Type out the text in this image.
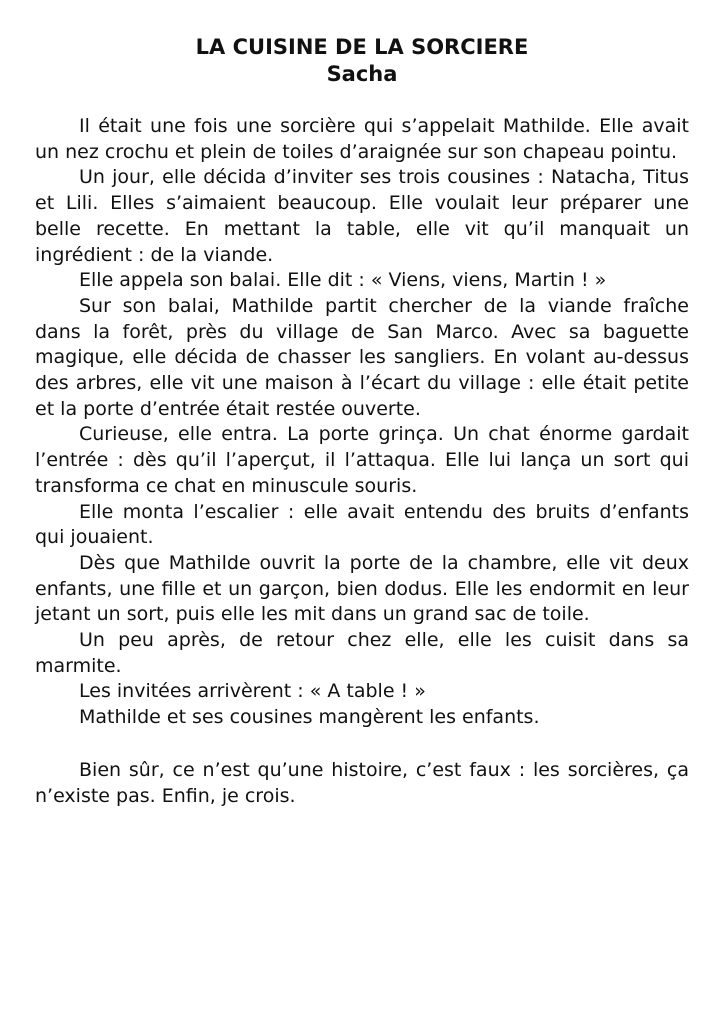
LA CUISINE DE LA SORCIERE
Sacha

Il était une fois une sorcière qui s’appelait Mathilde. Elle avait un nez crochu et plein de toiles d’araignée sur son chapeau pointu.

Un jour, elle décida d’inviter ses trois cousines : Natacha, Titus et Lili. Elles s’aimaient beaucoup. Elle voulait leur préparer une belle recette. En mettant la table, elle vit qu’il manquait un ingrédient : de la viande.

Elle appela son balai. Elle dit : « Viens, viens, Martin ! »

Sur son balai, Mathilde partit chercher de la viande fraîche dans la forêt, près du village de San Marco. Avec sa baguette magique, elle décida de chasser les sangliers. En volant au-dessus des arbres, elle vit une maison à l’écart du village : elle était petite et la porte d’entrée était restée ouverte.

Curieuse, elle entra. La porte grinça. Un chat énorme gardait l’entrée : dès qu’il l’aperçut, il l’attaqua. Elle lui lança un sort qui transforma ce chat en minuscule souris.

Elle monta l’escalier : elle avait entendu des bruits d’enfants qui jouaient.

Dès que Mathilde ouvrit la porte de la chambre, elle vit deux enfants, une fille et un garçon, bien dodus. Elle les endormit en leur jetant un sort, puis elle les mit dans un grand sac de toile.

Un peu après, de retour chez elle, elle les cuisit dans sa marmite.

Les invitées arrivèrent : « A table ! »

Mathilde et ses cousines mangèrent les enfants.

Bien sûr, ce n’est qu’une histoire, c’est faux : les sorcières, ça n’existe pas. Enfin, je crois.
